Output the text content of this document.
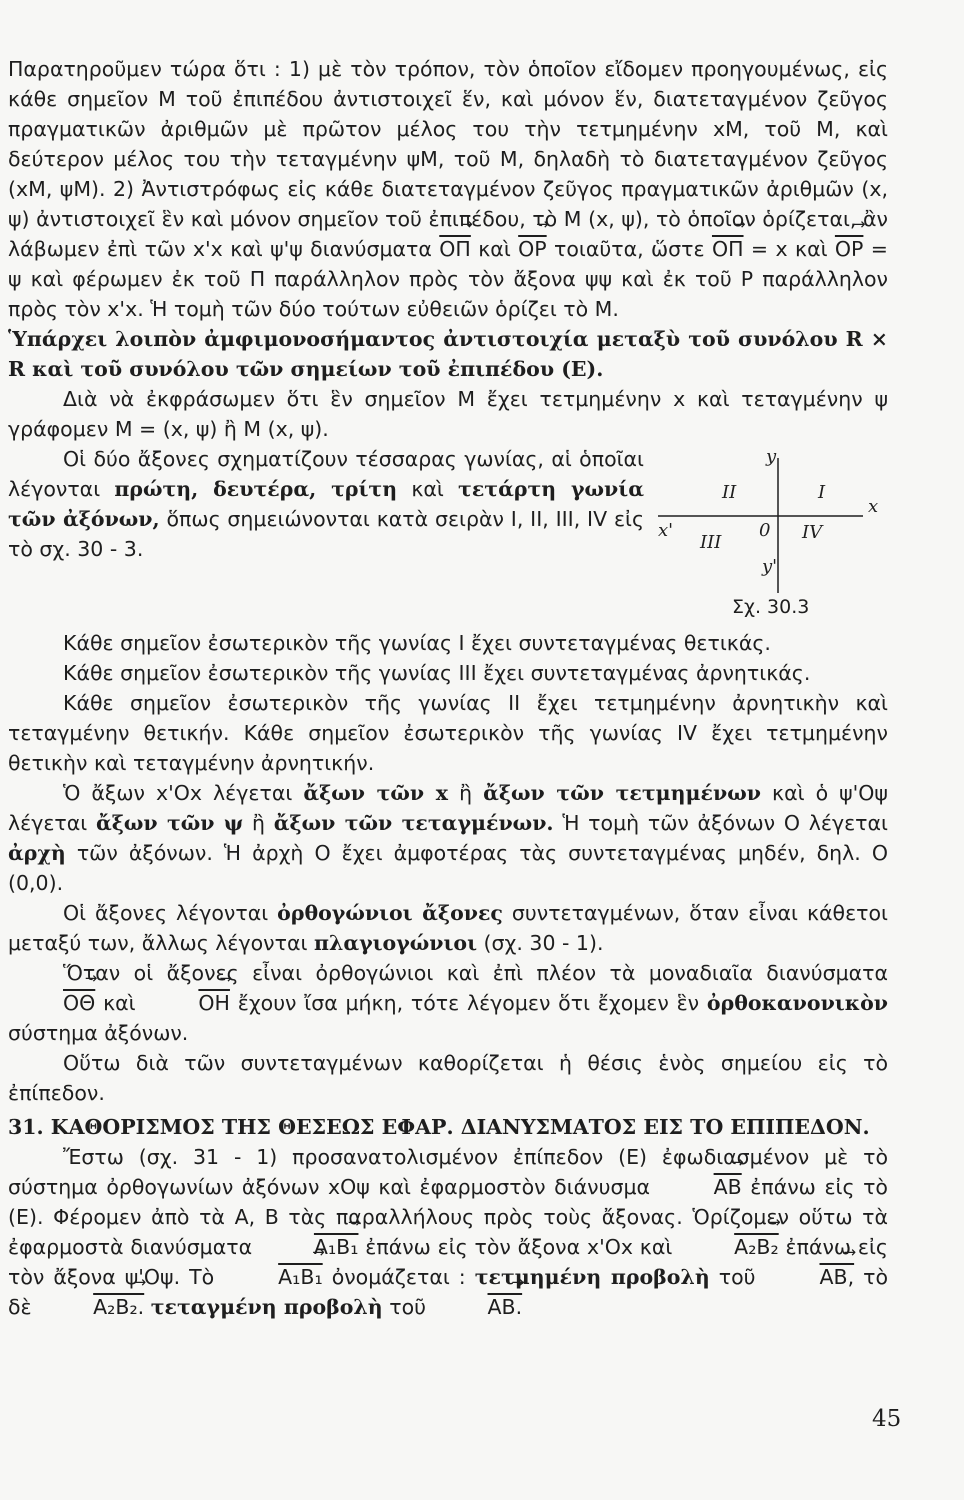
Παρατηροῦμεν τώρα ὅτι : 1) μὲ τὸν τρόπον, τὸν ὁποῖον εἴδομεν προηγουμένως, εἰς κάθε σημεῖον Μ τοῦ ἐπιπέδου ἀντιστοιχεῖ ἕν, καὶ μόνον ἕν, διατεταγμένον ζεῦγος πραγματικῶν ἀριθμῶν μὲ πρῶτον μέλος του τὴν τετμημένην xM, τοῦ Μ, καὶ δεύτερον μέλος του τὴν τεταγμένην ψM, τοῦ Μ, δηλαδὴ τὸ διατεταγμένον ζεῦγος (xM, ψM). 2) Ἀντιστρόφως εἰς κάθε διατεταγμένον ζεῦγος πραγματικῶν ἀριθμῶν (x, ψ) ἀντιστοιχεῖ ἓν καὶ μόνον σημεῖον τοῦ ἐπιπέδου, τὸ Μ (x, ψ), τὸ ὁποῖον ὁρίζεται, ἂν λάβωμεν ἐπὶ τῶν x'x καὶ ψ'ψ διανύσματα $\overline{O\Pi}$ → καὶ $\overline{OP}$ → τοιαῦτα, ὥστε $\overline{O\Pi}$ → = x καὶ $\overline{OP}$ → = ψ καὶ φέρωμεν ἐκ τοῦ Π παράλληλον πρὸς τὸν ἄξονα ψψ καὶ ἐκ τοῦ Ρ παράλληλον πρὸς τὸν x'x. Ἡ τομὴ τῶν δύο τούτων εὐθειῶν ὁρίζει τὸ Μ.

Ὑπάρχει λοιπὸν ἀμφιμονοσήμαντος ἀντιστοιχία μεταξὺ τοῦ συνόλου R × R καὶ τοῦ συνόλου τῶν σημείων τοῦ ἐπιπέδου (Ε).

Διὰ νὰ ἐκφράσωμεν ὅτι ἓν σημεῖον Μ ἔχει τετμημένην x καὶ τεταγμένην ψ γράφομεν Μ = (x, ψ) ἢ Μ (x, ψ).

y
II	I
x'	0 IV
x
III
y'
Σχ. 30.3

Οἱ δύο ἄξονες σχηματίζουν τέσσαρας γωνίας, αἱ ὁποῖαι λέγονται πρώτη, δευτέρα, τρίτη καὶ τετάρτη γωνία τῶν ἀξόνων, ὅπως σημειώνονται κατὰ σειρὰν Ι, ΙΙ, ΙΙΙ, ΙV εἰς τὸ σχ. 30 - 3.

Κάθε σημεῖον ἐσωτερικὸν τῆς γωνίας Ι ἔχει συντεταγμένας θετικάς.

Κάθε σημεῖον ἐσωτερικὸν τῆς γωνίας ΙΙΙ ἔχει συντεταγμένας ἀρνητικάς.

Κάθε σημεῖον ἐσωτερικὸν τῆς γωνίας ΙΙ ἔχει τετμημένην ἀρνητικὴν καὶ τεταγμένην θετικήν. Κάθε σημεῖον ἐσωτερικὸν τῆς γωνίας IV ἔχει τετμημένην θετικὴν καὶ τεταγμένην ἀρνητικήν.

Ὁ ἄξων x'Ox λέγεται ἄξων τῶν x ἢ ἄξων τῶν τετμημένων καὶ ὁ ψ'Οψ λέγεται ἄξων τῶν ψ ἢ ἄξων τῶν τεταγμένων. Ἡ τομὴ τῶν ἀξόνων Ο λέγεται ἀρχὴ τῶν ἀξόνων. Ἡ ἀρχὴ Ο ἔχει ἀμφοτέρας τὰς συντεταγμένας μηδέν, δηλ. Ο (0,0).

Οἱ ἄξονες λέγονται ὀρθογώνιοι ἄξονες συντεταγμένων, ὅταν εἶναι κάθετοι μεταξύ των, ἄλλως λέγονται πλαγιογώνιοι (σχ. 30 - 1).

Ὅταν οἱ ἄξονες εἶναι ὀρθογώνιοι καὶ ἐπὶ πλέον τὰ μοναδιαῖα διανύσματα $\overline{O\Theta}$ → καὶ	$\overline{OH}$ → ἔχουν ἴσα μήκη, τότε λέγομεν ὅτι ἔχομεν ἓν ὀρθοκανονικὸν σύστημα ἀξόνων.

Οὕτω διὰ τῶν συντεταγμένων καθορίζεται ἡ θέσις ἑνὸς σημείου εἰς τὸ ἐπίπεδον.

31. ΚΑΘΟΡΙΣΜΟΣ ΤΗΣ ΘΕΣΕΩΣ ΕΦΑΡ. ΔΙΑΝΥΣΜΑΤΟΣ ΕΙΣ ΤΟ ΕΠΙΠΕΔΟΝ.

Ἔστω (σχ. 31 - 1) προσανατολισμένον ἐπίπεδον (Ε) ἐφωδιασμένον μὲ τὸ σύστημα ὀρθογωνίων ἀξόνων xOψ καὶ ἐφαρμοστὸν διάνυσμα	$\overline{AB}$ → ἐπάνω εἰς τὸ (Ε). Φέρομεν ἀπὸ τὰ Α, Β τὰς παραλλήλους πρὸς τοὺς ἄξονας. Ὁρίζομεν οὕτω τὰ ἐφαρμοστὰ διανύσματα	A₁B₁ → ἐπάνω εἰς τὸν ἄξονα x'Ox καὶ	A₂B₂ → ἐπάνω εἰς τὸν ἄξονα ψ'Οψ. Τὸ	A₁B₁ → ὀνομάζεται : τετμημένη προβολὴ τοῦ	ΑΒ, → τὸ δὲ	A₂B₂. → τεταγμένη προβολὴ τοῦ	ΑΒ. →

45
